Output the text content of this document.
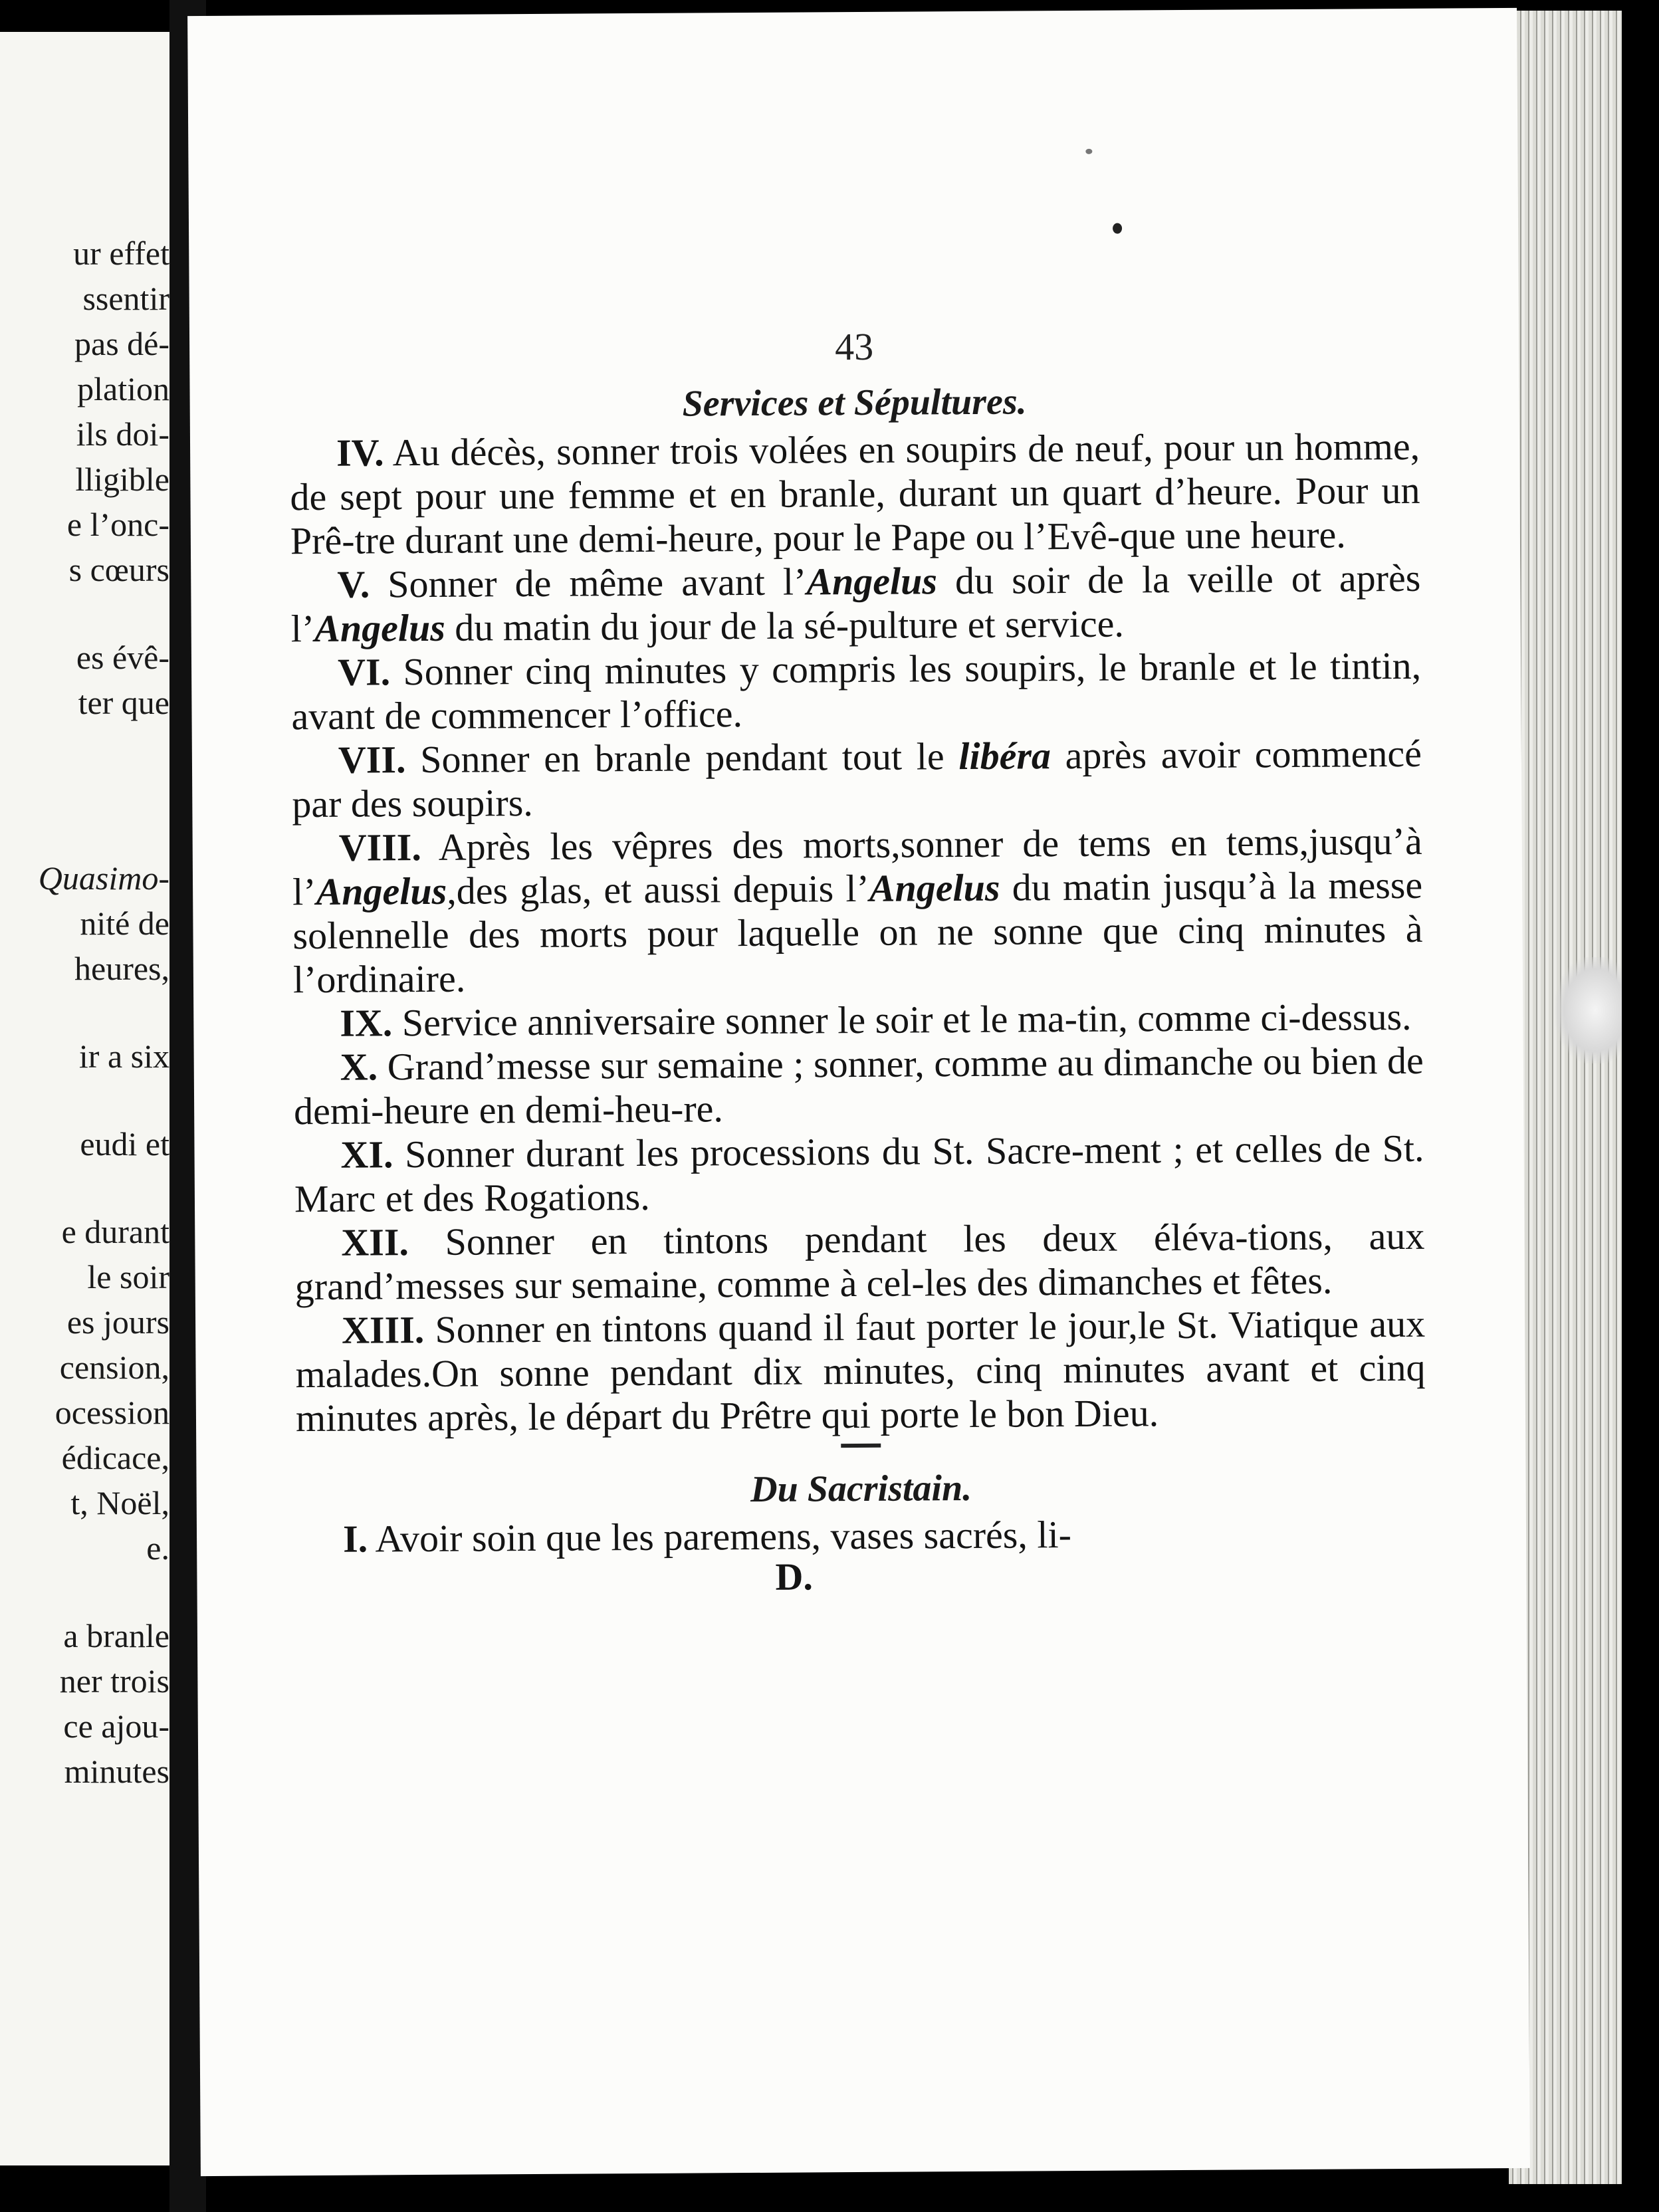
ur effet
ssentir
pas dé-
plation
ils doi-
lligible
e l’onc-
s cœurs
es évê-
ter que
Quasimo-
nité de
heures,
ir a six
eudi et
e durant
le soir
es jours
cension,
ocession
édicace,
t, Noël,
e.
a branle
ner trois
ce ajou-
minutes
43
Services et Sépultures.

IV. Au décès, sonner trois volées en soupirs de neuf, pour un homme, de sept pour une femme et en branle, durant un quart d’heure. Pour un Prê-tre durant une demi-heure, pour le Pape ou l’Evê-que une heure.

V. Sonner de même avant l’Angelus du soir de la veille ot après l’Angelus du matin du jour de la sé-pulture et service.

VI. Sonner cinq minutes y compris les soupirs, le branle et le tintin, avant de commencer l’office.

VII. Sonner en branle pendant tout le libéra après avoir commencé par des soupirs.

VIII. Après les vêpres des morts,sonner de tems en tems,jusqu’à l’Angelus,des glas, et aussi depuis l’Angelus du matin jusqu’à la messe solennelle des morts pour laquelle on ne sonne que cinq minutes à l’ordinaire.

IX. Service anniversaire sonner le soir et le ma-tin, comme ci-dessus.

X. Grand’messe sur semaine ; sonner, comme au dimanche ou bien de demi-heure en demi-heu-re.

XI. Sonner durant les processions du St. Sacre-ment ; et celles de St. Marc et des Rogations.

XII. Sonner en tintons pendant les deux éléva-tions, aux grand’messes sur semaine, comme à cel-les des dimanches et fêtes.

XIII. Sonner en tintons quand il faut porter le jour,le St. Viatique aux malades.On sonne pendant dix minutes, cinq minutes avant et cinq minutes après, le départ du Prêtre qui porte le bon Dieu.

Du Sacristain.

I. Avoir soin que les paremens, vases sacrés, li-

D.
